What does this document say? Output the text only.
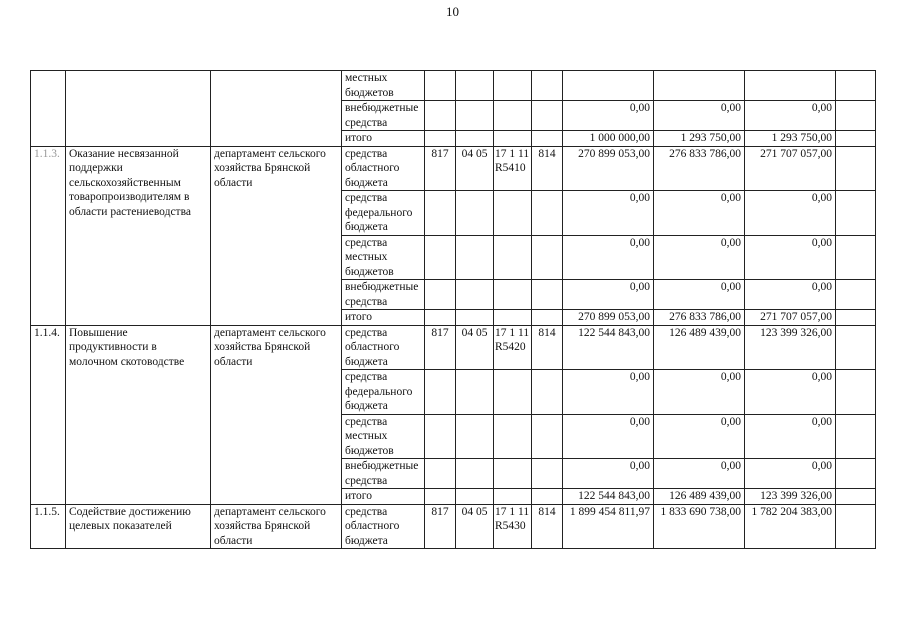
10
			местных бюджетов								
			внебюджетные средства					0,00	0,00	0,00	
			итого					1 000 000,00	1 293 750,00	1 293 750,00	
1.1.3.	Оказание несвязанной поддержки сельскохозяйственным товаропроизводителям в области растениеводства	департамент сельского хозяйства Брянской области	средства областного бюджета	817	04 05	17 1 11 R5410	814	270 899 053,00	276 833 786,00	271 707 057,00	
			средства федерального бюджета					0,00	0,00	0,00	
			средства местных бюджетов					0,00	0,00	0,00	
			внебюджетные средства					0,00	0,00	0,00	
			итого					270 899 053,00	276 833 786,00	271 707 057,00	
1.1.4.	Повышение продуктивности в молочном скотоводстве	департамент сельского хозяйства Брянской области	средства областного бюджета	817	04 05	17 1 11 R5420	814	122 544 843,00	126 489 439,00	123 399 326,00	
			средства федерального бюджета					0,00	0,00	0,00	
			средства местных бюджетов					0,00	0,00	0,00	
			внебюджетные средства					0,00	0,00	0,00	
			итого					122 544 843,00	126 489 439,00	123 399 326,00	
1.1.5.	Содействие достижению целевых показателей	департамент сельского хозяйства Брянской области	средства областного бюджета	817	04 05	17 1 11 R5430	814	1 899 454 811,97	1 833 690 738,00	1 782 204 383,00	
